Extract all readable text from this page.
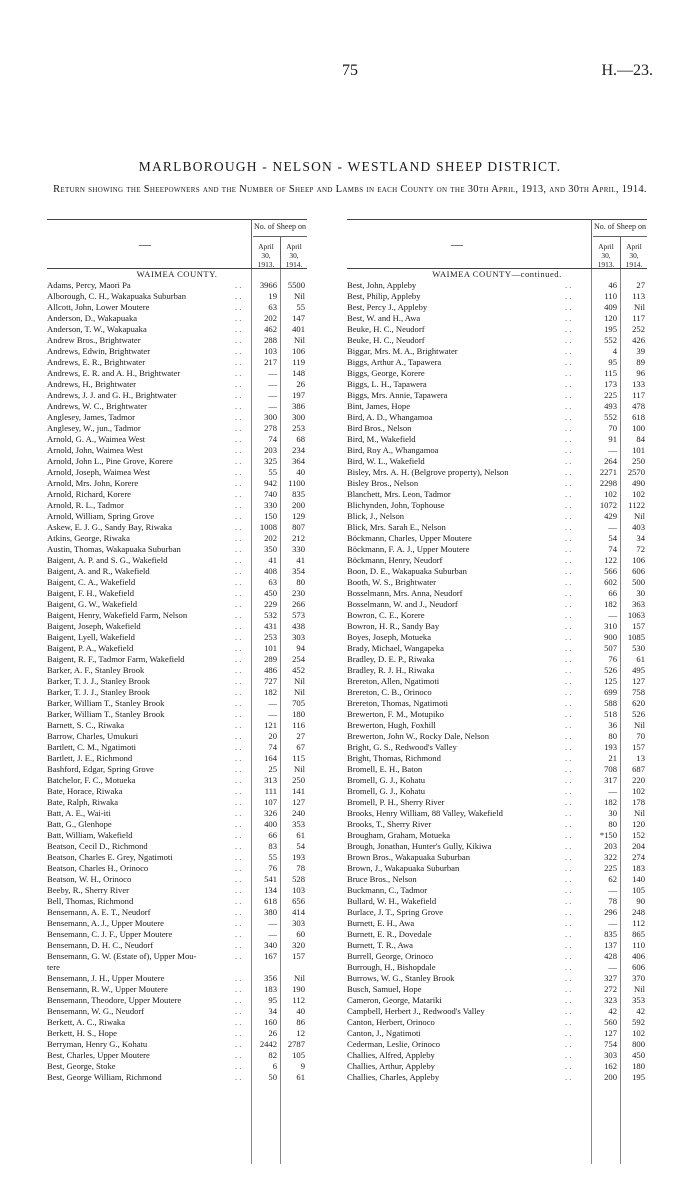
75	H.—23.
MARLBOROUGH - NELSON - WESTLAND SHEEP DISTRICT.
Return showing the Sheepowners and the Number of Sheep and Lambs in each County on the 30th April, 1913, and 30th April, 1914.
—
No. of Sheep on
April 30, 1913.
April 30, 1914.
WAIMEA COUNTY.
Adams, Percy, Maori Pa	. .	3966	5500
Alborough, C. H., Wakapuaka Suburban	. .	19	Nil
Allcott, John, Lower Moutere	. .	63	55
Anderson, D., Wakapuaka	. .	202	147
Anderson, T. W., Wakapuaka	. .	462	401
Andrew Bros., Brightwater	. .	288	Nil
Andrews, Edwin, Brightwater	. .	103	106
Andrews, E. R., Brightwater	. .	217	119
Andrews, E. R. and A. H., Brightwater	. .	—	148
Andrews, H., Brightwater	. .	—	26
Andrews, J. J. and G. H., Brightwater	. .	—	197
Andrews, W. C., Brightwater	. .	—	386
Anglesey, James, Tadmor	. .	300	300
Anglesey, W., jun., Tadmor	. .	278	253
Arnold, G. A., Waimea West	. .	74	68
Arnold, John, Waimea West	. .	203	234
Arnold, John L., Pine Grove, Korere	. .	325	364
Arnold, Joseph, Waimea West	. .	55	40
Arnold, Mrs. John, Korere	. .	942	1100
Arnold, Richard, Korere	. .	740	835
Arnold, R. L., Tadmor	. .	330	200
Arnold, William, Spring Grove	. .	150	129
Askew, E. J. G., Sandy Bay, Riwaka	. .	1008	807
Atkins, George, Riwaka	. .	202	212
Austin, Thomas, Wakapuaka Suburban	. .	350	330
Baigent, A. P. and S. G., Wakefield	. .	41	41
Baigent, A. and R., Wakefield	. .	408	354
Baigent, C. A., Wakefield	. .	63	80
Baigent, F. H., Wakefield	. .	450	230
Baigent, G. W., Wakefield	. .	229	266
Baigent, Henry, Wakefield Farm, Nelson	. .	532	573
Baigent, Joseph, Wakefield	. .	431	438
Baigent, Lyell, Wakefield	. .	253	303
Baigent, P. A., Wakefield	. .	101	94
Baigent, R. F., Tadmor Farm, Wakefield	. .	289	254
Barker, A. F., Stanley Brook	. .	486	452
Barker, T. J. J., Stanley Brook	. .	727	Nil
Barker, T. J. J., Stanley Brook	. .	182	Nil
Barker, William T., Stanley Brook	. .	—	705
Barker, William T., Stanley Brook	. .	—	180
Barnett, S. C., Riwaka	. .	121	116
Barrow, Charles, Umukuri	. .	20	27
Bartlett, C. M., Ngatimoti	. .	74	67
Bartlett, J. E., Richmond	. .	164	115
Bashford, Edgar, Spring Grove	. .	25	Nil
Batchelor, F. C., Motueka	. .	313	250
Bate, Horace, Riwaka	. .	111	141
Bate, Ralph, Riwaka	. .	107	127
Batt, A. E., Wai-iti	. .	326	240
Batt, G., Glenhope	. .	400	353
Batt, William, Wakefield	. .	66	61
Beatson, Cecil D., Richmond	. .	83	54
Beatson, Charles E. Grey, Ngatimoti	. .	55	193
Beatson, Charles H., Orinoco	. .	76	78
Beatson, W. H., Orinoco	. .	541	528
Beeby, R., Sherry River	. .	134	103
Bell, Thomas, Richmond	. .	618	656
Bensemann, A. E. T., Neudorf	. .	380	414
Bensemann, A. J., Upper Moutere	. .	—	303
Bensemann, C. J. F., Upper Moutere	. .	—	60
Bensemann, D. H. C., Neudorf	. .	340	320
Bensemann, G. W. (Estate of), Upper Mou-	. .	167	157
tere
Bensemann, J. H., Upper Moutere	. .	356	Nil
Bensemann, R. W., Upper Moutere	. .	183	190
Bensemann, Theodore, Upper Moutere	. .	95	112
Bensemann, W. G., Neudorf	. .	34	40
Berkett, A. C., Riwaka	. .	160	86
Berkett, H. S., Hope	. .	26	12
Berryman, Henry G., Kohatu	. .	2442	2787
Best, Charles, Upper Moutere	. .	82	105
Best, George, Stoke	. .	6	9
Best, George William, Richmond	. .	50	61
—
No. of Sheep on
April 30, 1913.
April 30, 1914.
WAIMEA COUNTY—continued.
Best, John, Appleby	. .	46	27
Best, Philip, Appleby	. .	110	113
Best, Percy J., Appleby	. .	409	Nil
Best, W. and H., Awa	. .	120	117
Beuke, H. C., Neudorf	. .	195	252
Beuke, H. C., Neudorf	. .	552	426
Biggar, Mrs. M. A., Brightwater	. .	4	39
Biggs, Arthur A., Tapawera	. .	95	89
Biggs, George, Korere	. .	115	96
Biggs, L. H., Tapawera	. .	173	133
Biggs, Mrs. Annie, Tapawera	. .	225	117
Bint, James, Hope	. .	493	478
Bird, A. D., Whangamoa	. .	552	618
Bird Bros., Nelson	. .	70	100
Bird, M., Wakefield	. .	91	84
Bird, Roy A., Whangamoa	. .	—	101
Bird, W. L., Wakefield	. .	264	250
Bisley, Mrs. A. H. (Belgrove property), Nelson	. .	2271	2570
Bisley Bros., Nelson	. .	2298	490
Blanchett, Mrs. Leon, Tadmor	. .	102	102
Blichynden, John, Tophouse	. .	1072	1122
Blick, J., Nelson	. .	429	Nil
Blick, Mrs. Sarah E., Nelson	. .	—	403
Böckmann, Charles, Upper Moutere	. .	54	34
Böckmann, F. A. J., Upper Moutere	. .	74	72
Böckmann, Henry, Neudorf	. .	122	106
Boon, D. E., Wakapuaka Suburban	. .	566	606
Booth, W. S., Brightwater	. .	602	500
Bosselmann, Mrs. Anna, Neudorf	. .	66	30
Bosselmann, W. and J., Neudorf	. .	182	363
Bowron, C. E., Korere	. .	—	1063
Bowron, H. R., Sandy Bay	. .	310	157
Boyes, Joseph, Motueka	. .	900	1085
Brady, Michael, Wangapeka	. .	507	530
Bradley, D. E. P., Riwaka	. .	76	61
Bradley, R. J. H., Riwaka	. .	526	495
Brereton, Allen, Ngatimoti	. .	125	127
Brereton, C. B., Orinoco	. .	699	758
Brereton, Thomas, Ngatimoti	. .	588	620
Brewerton, F. M., Motupiko	. .	518	526
Brewerton, Hugh, Foxhill	. .	36	Nil
Brewerton, John W., Rocky Dale, Nelson	. .	80	70
Bright, G. S., Redwood's Valley	. .	193	157
Bright, Thomas, Richmond	. .	21	13
Bromell, E. H., Baton	. .	708	687
Bromell, G. J., Kohatu	. .	317	220
Bromell, G. J., Kohatu	. .	—	102
Bromell, P. H., Sherry River	. .	182	178
Brooks, Henry William, 88 Valley, Wakefield	. .	30	Nil
Brooks, T., Sherry River	. .	80	120
Brougham, Graham, Motueka	. .	*150	152
Brough, Jonathan, Hunter's Gully, Kikiwa	. .	203	204
Brown Bros., Wakapuaka Suburban	. .	322	274
Brown, J., Wakapuaka Suburban	. .	225	183
Bruce Bros., Nelson	. .	62	140
Buckmann, C., Tadmor	. .	—	105
Bullard, W. H., Wakefield	. .	78	90
Burlace, J. T., Spring Grove	. .	296	248
Burnett, E. H., Awa	. .	—	112
Burnett, E. R., Dovedale	. .	835	865
Burnett, T. R., Awa	. .	137	110
Burrell, George, Orinoco	. .	428	406
Burrough, H., Bishopdale	. .	—	606
Burrows, W. G., Stanley Brook	. .	327	370
Busch, Samuel, Hope	. .	272	Nil
Cameron, George, Matariki	. .	323	353
Campbell, Herbert J., Redwood's Valley	. .	42	42
Canton, Herbert, Orinoco	. .	560	592
Canton, J., Ngatimoti	. .	127	102
Cederman, Leslie, Orinoco	. .	754	800
Challies, Alfred, Appleby	. .	303	450
Challies, Arthur, Appleby	. .	162	180
Challies, Charles, Appleby	. .	200	195
